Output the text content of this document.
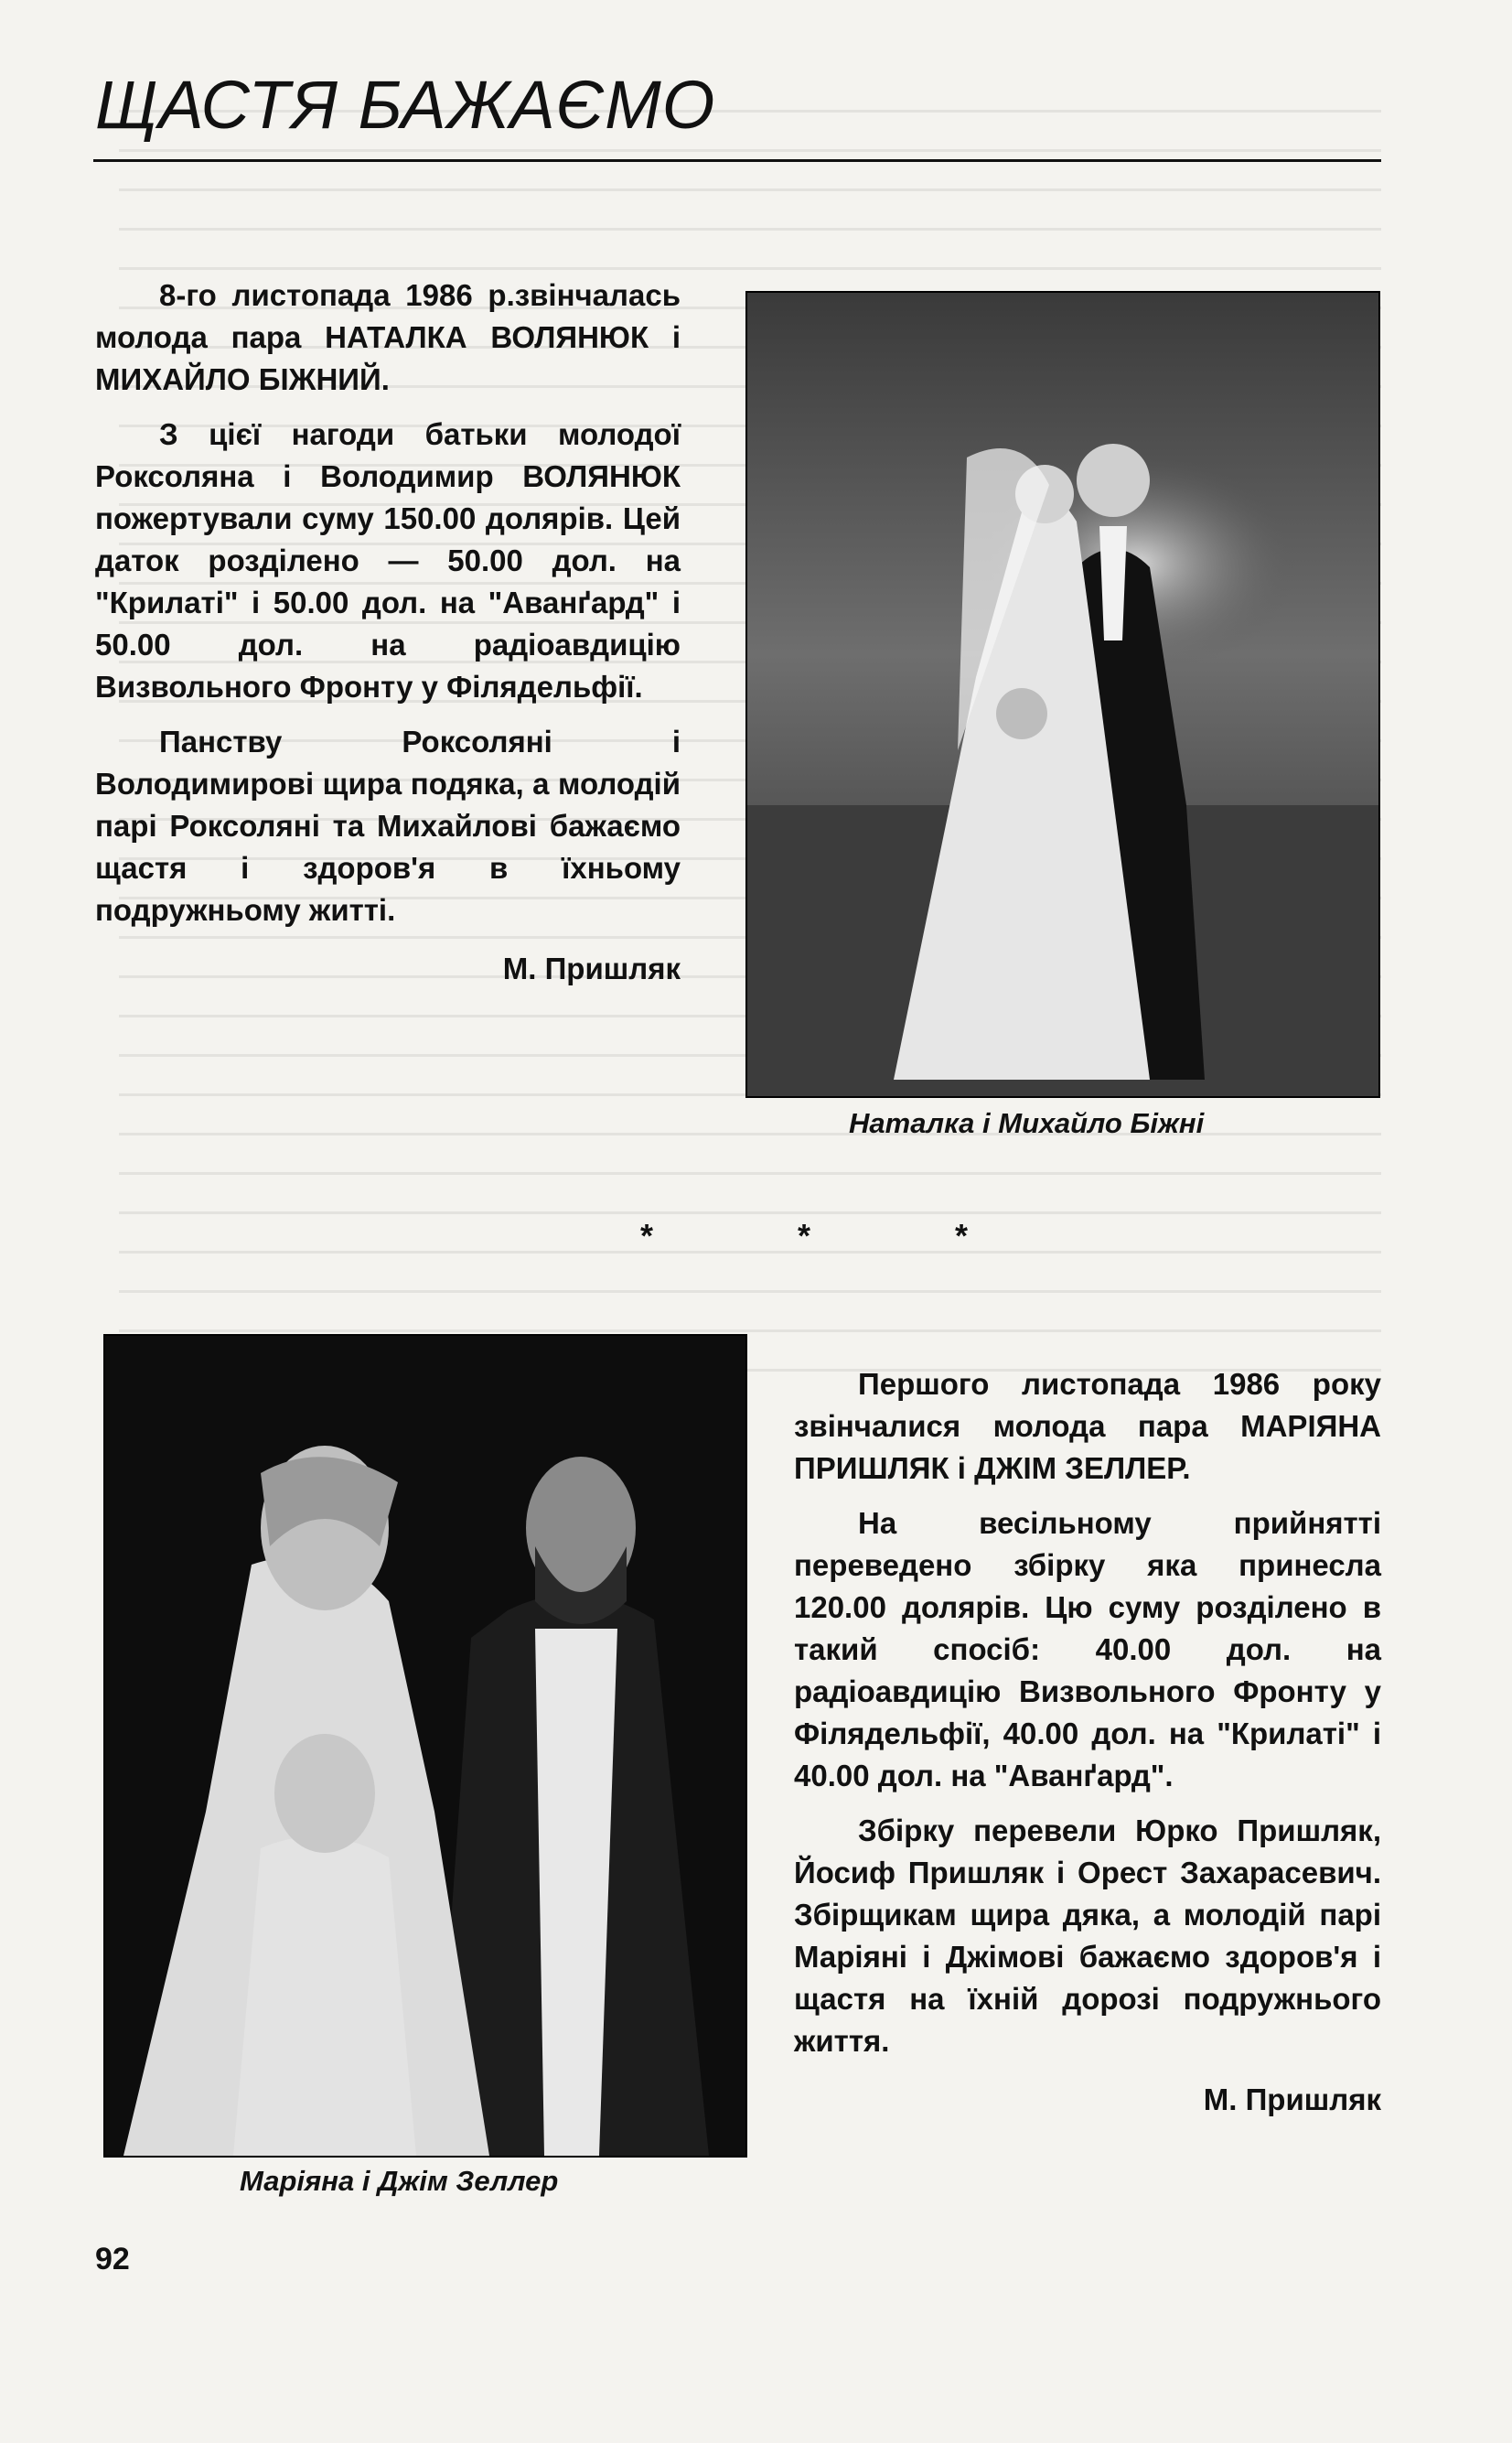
ЩАСТЯ БАЖАЄМО

8-го листопада 1986 р.звінчалась молода пара НАТАЛКА ВОЛЯНЮК і МИХАЙЛО БІЖНИЙ.

З цієї нагоди батьки молодої Роксоляна і Володимир ВОЛЯНЮК пожертували суму 150.00 долярів. Цей даток розділено — 50.00 дол. на "Крилаті" і 50.00 дол. на "Аванґард" і 50.00 дол. на радіоавдицію Визвольного Фронту у Філядельфії.

Панству Роксоляні і Володимирові щира подяка, а молодій парі Роксоляні та Михайлові бажаємо щастя і здоров'я в їхньому подружньому житті.

М. Пришляк
Наталка і Михайло Біжні
* * *
Маріяна і Джім Зеллер

Першого листопада 1986 року звінчалися молода пара МАРІЯНА ПРИШЛЯК і ДЖІМ ЗЕЛЛЕР.

На весільному прийнятті переведено збірку яка принесла 120.00 долярів. Цю суму розділено в такий спосіб: 40.00 дол. на радіоавдицію Визвольного Фронту у Філядельфії, 40.00 дол. на "Крилаті" і 40.00 дол. на "Аванґард".

Збірку перевели Юрко Пришляк, Йосиф Пришляк і Орест Захарасевич. Збірщикам щира дяка, а молодій парі Маріяні і Джімові бажаємо здоров'я і щастя на їхній дорозі подружнього життя.

М. Пришляк
92
